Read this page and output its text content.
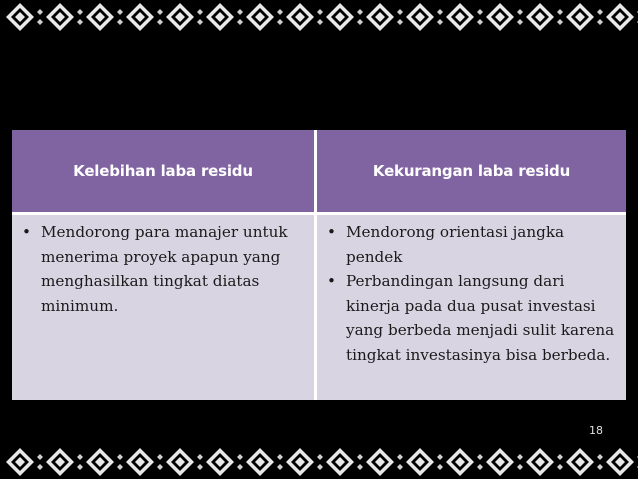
Kelebihan laba residu	Kekurangan laba residu
• Mendorong para manajer untuk menerima proyek apapun yang menghasilkan tingkat diatas minimum.
• Mendorong orientasi jangka pendek
• Perbandingan langsung dari kinerja pada dua pusat investasi yang berbeda menjadi sulit karena tingkat investasinya bisa berbeda.
18
